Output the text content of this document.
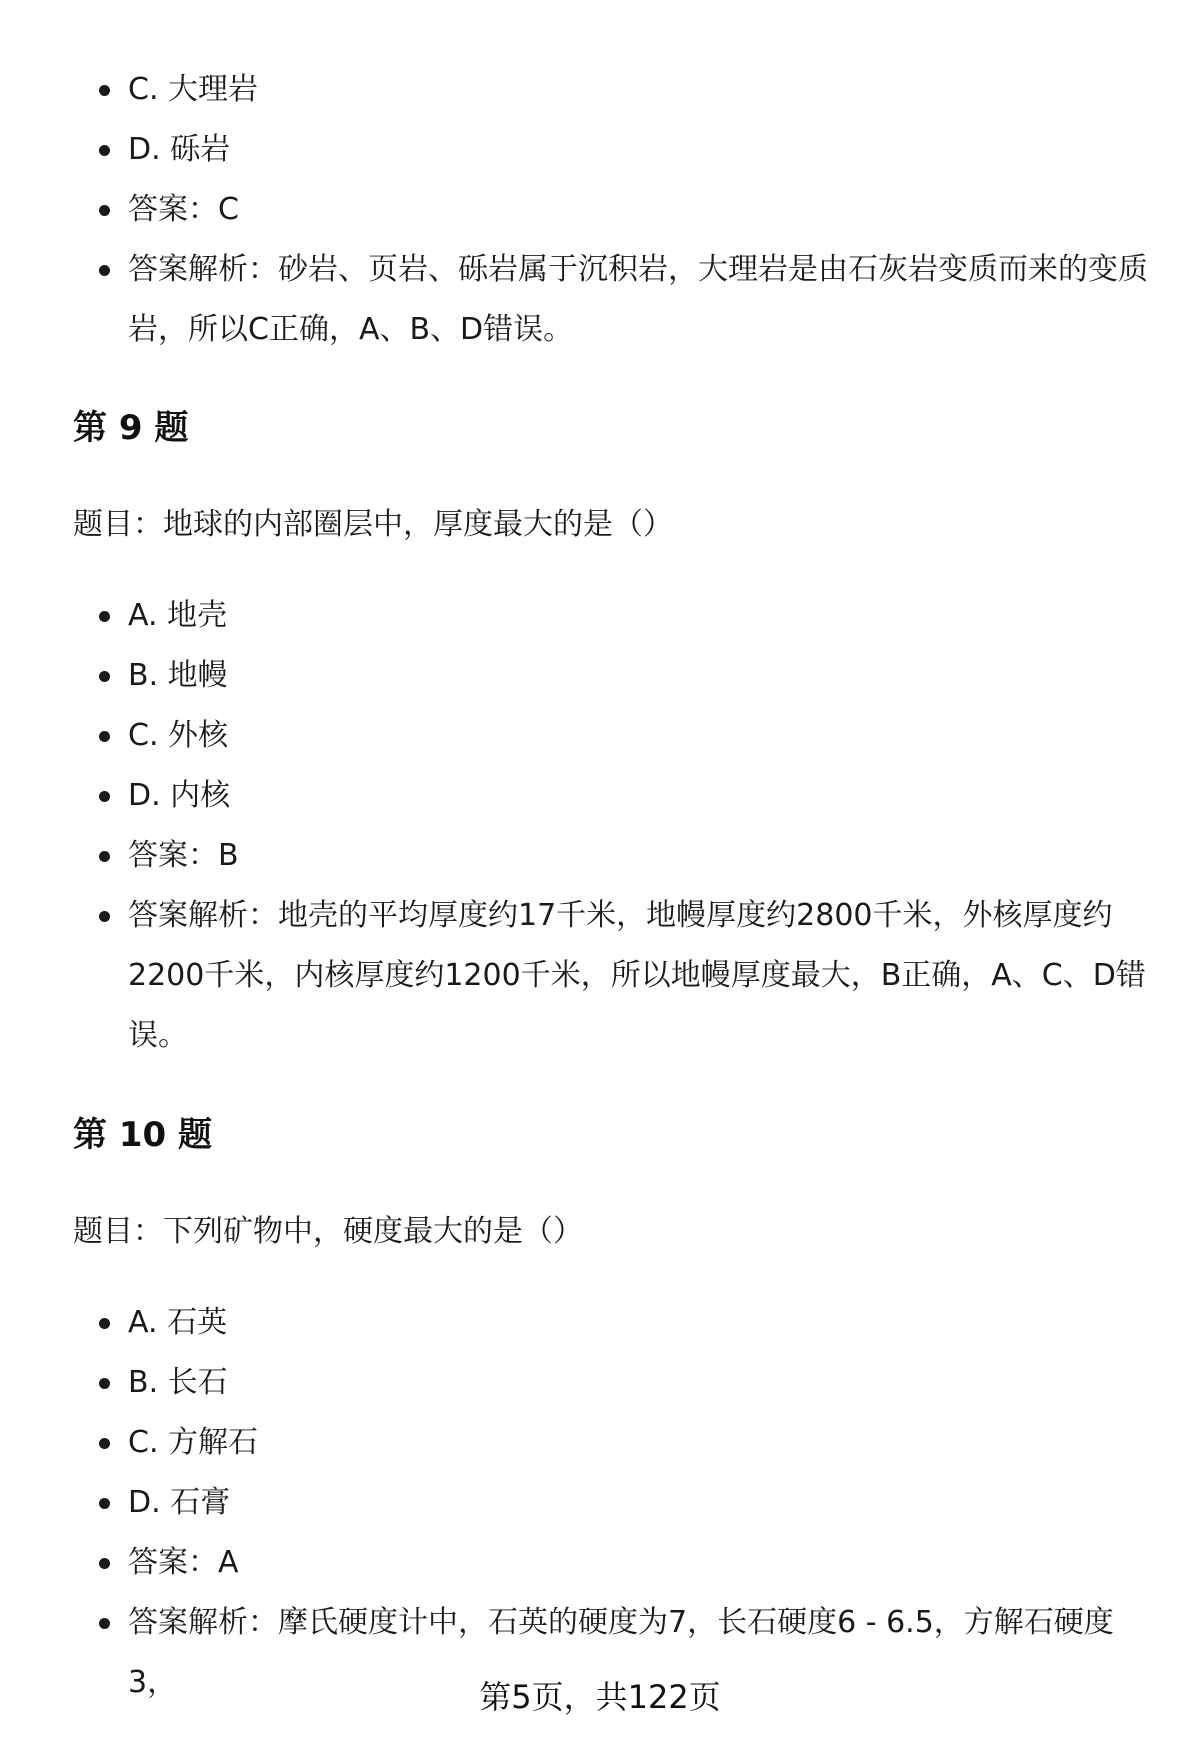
C. 大理岩
D. 砾岩
答案：C
答案解析：砂岩、页岩、砾岩属于沉积岩，大理岩是由石灰岩变质而来的变质岩，所以C正确，A、B、D错误。
第 9 题

题目：地球的内部圈层中，厚度最大的是（）

A. 地壳
B. 地幔
C. 外核
D. 内核
答案：B
答案解析：地壳的平均厚度约17千米，地幔厚度约2800千米，外核厚度约2200千米，内核厚度约1200千米，所以地幔厚度最大，B正确，A、C、D错误。
第 10 题

题目：下列矿物中，硬度最大的是（）

A. 石英
B. 长石
C. 方解石
D. 石膏
答案：A
答案解析：摩氏硬度计中，石英的硬度为7，长石硬度6 - 6.5，方解石硬度3，	第5页，共122页
